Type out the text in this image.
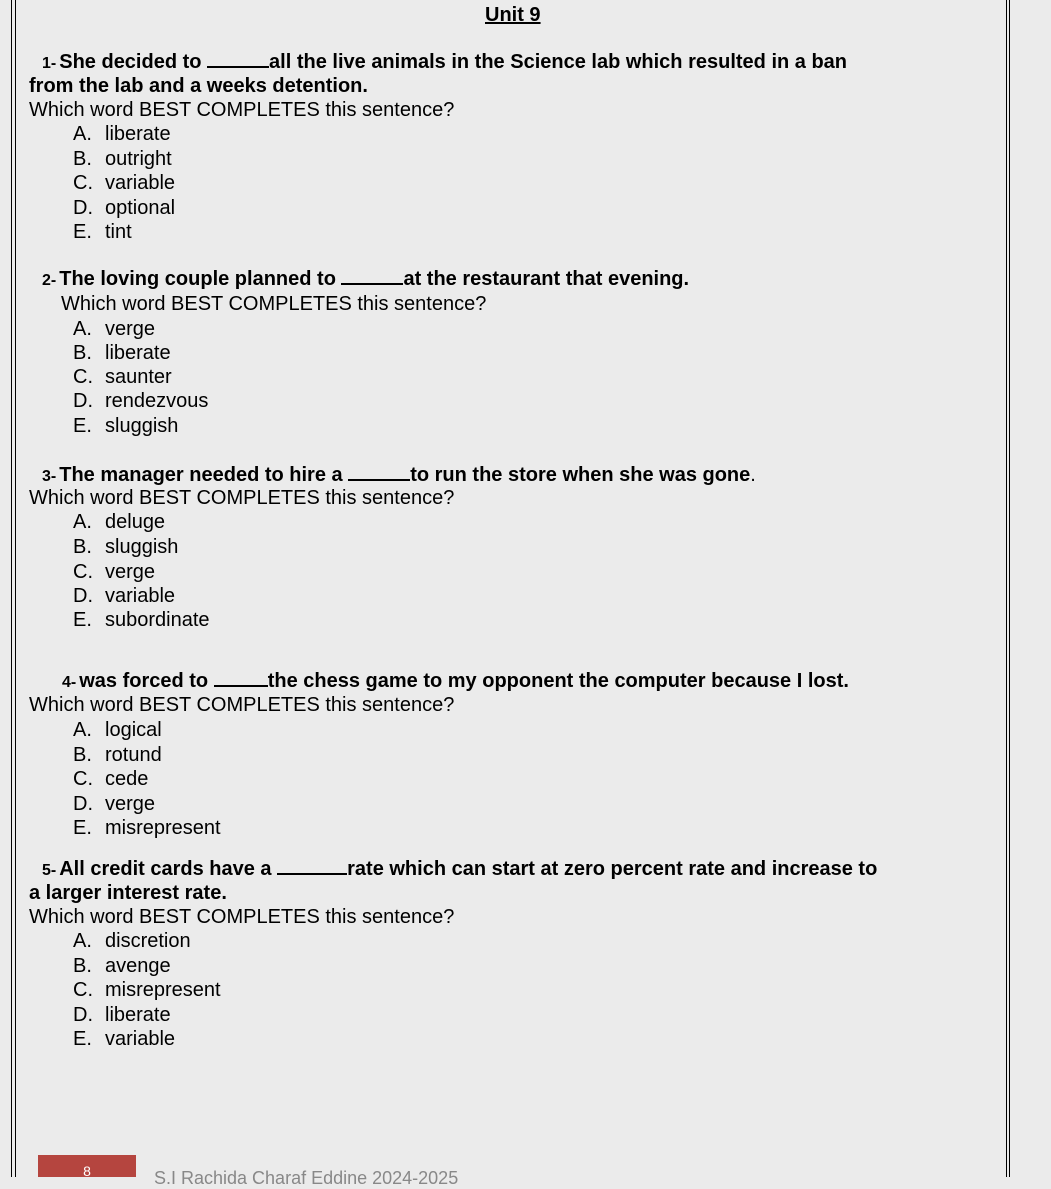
Unit 9
1- She decided to	all the live animals in the Science lab which resulted in a ban
from the lab and a weeks detention.
Which word BEST COMPLETES this sentence?
A. liberate
B. outright
C. variable
D. optional
E. tint
2- The loving couple planned to	at the restaurant that evening.
Which word BEST COMPLETES this sentence?
A. verge
B. liberate
C. saunter
D. rendezvous
E. sluggish
3- The manager needed to hire a	to run the store when she was gone.
Which word BEST COMPLETES this sentence?
A. deluge
B. sluggish
C. verge
D. variable
E. subordinate
4- was forced to	the chess game to my opponent the computer because I lost.
Which word BEST COMPLETES this sentence?
A. logical
B. rotund
C. cede
D. verge
E. misrepresent
5- All credit cards have a	rate which can start at zero percent rate and increase to
a larger interest rate.
Which word BEST COMPLETES this sentence?
A. discretion
B. avenge
C. misrepresent
D. liberate
E. variable
8	S.I Rachida Charaf Eddine 2024-2025
